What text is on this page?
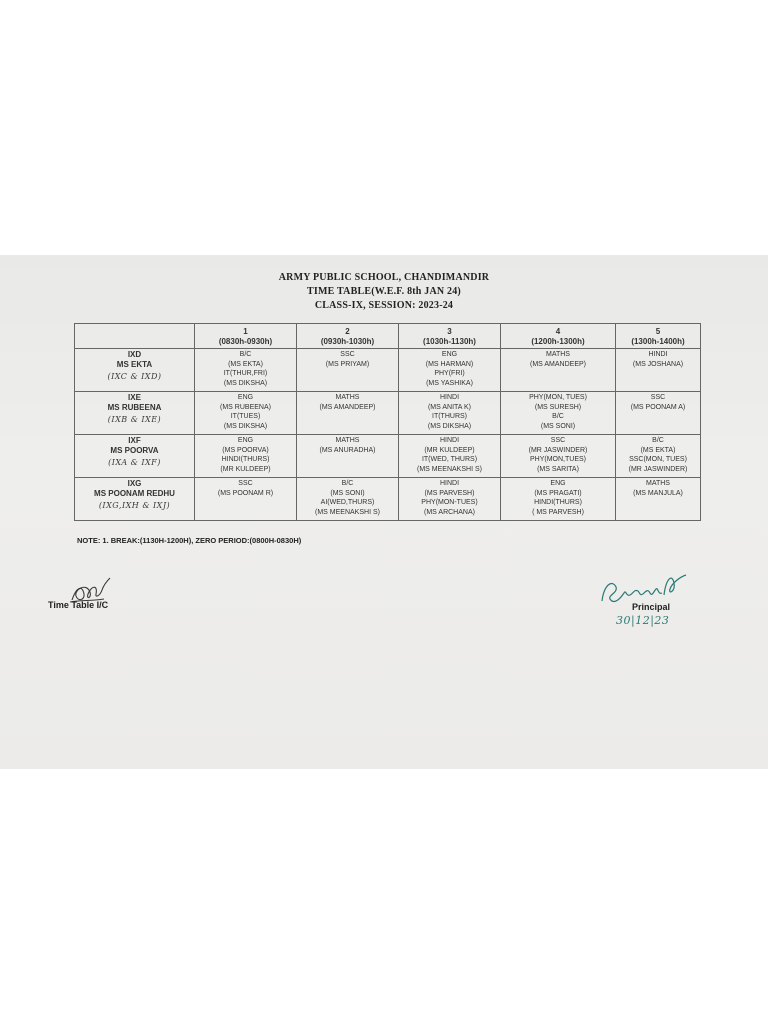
ARMY PUBLIC SCHOOL, CHANDIMANDIR
TIME TABLE(W.E.F. 8th JAN 24)
CLASS-IX, SESSION: 2023-24

	1
(0830h-0930h)	2
(0930h-1030h)	3
(1030h-1130h)	4
(1200h-1300h)	5
(1300h-1400h)

IXD
MS EKTA
(IXC & IXD)	B/C
(MS EKTA)
IT(THUR,FRI)
(MS DIKSHA)	SSC
(MS PRIYAM)	ENG
(MS HARMAN)
PHY(FRI)
(MS YASHIKA)	MATHS
(MS AMANDEEP)	HINDI
(MS JOSHANA)

IXE
MS RUBEENA
(IXB & IXE)	ENG
(MS RUBEENA)
IT(TUES)
(MS DIKSHA)	MATHS
(MS AMANDEEP)	HINDI
(MS ANITA K)
IT(THURS)
(MS DIKSHA)	PHY(MON, TUES)
(MS SURESH)
B/C
(MS SONI)	SSC
(MS POONAM A)

IXF
MS POORVA
(IXA & IXF)	ENG
(MS POORVA)
HINDI(THURS)
(MR KULDEEP)	MATHS
(MS ANURADHA)	HINDI
(MR KULDEEP)
IT(WED, THURS)
(MS MEENAKSHI S)	SSC
(MR JASWINDER)
PHY(MON,TUES)
(MS SARITA)	B/C
(MS EKTA)
SSC(MON, TUES)
(MR JASWINDER)

IXG
MS POONAM REDHU
(IXG,IXH & IXJ)	SSC
(MS POONAM R)	B/C
(MS SONI)
AI(WED,THURS)
(MS MEENAKSHI S)	HINDI
(MS PARVESH)
PHY(MON-TUES)
(MS ARCHANA)	ENG
(MS PRAGATI)
HINDI(THURS)
( MS PARVESH)	MATHS
(MS MANJULA)
NOTE: 1. BREAK:(1130H-1200H), ZERO PERIOD:(0800H-0830H)
Time Table I/C	Principal
30|12|23
